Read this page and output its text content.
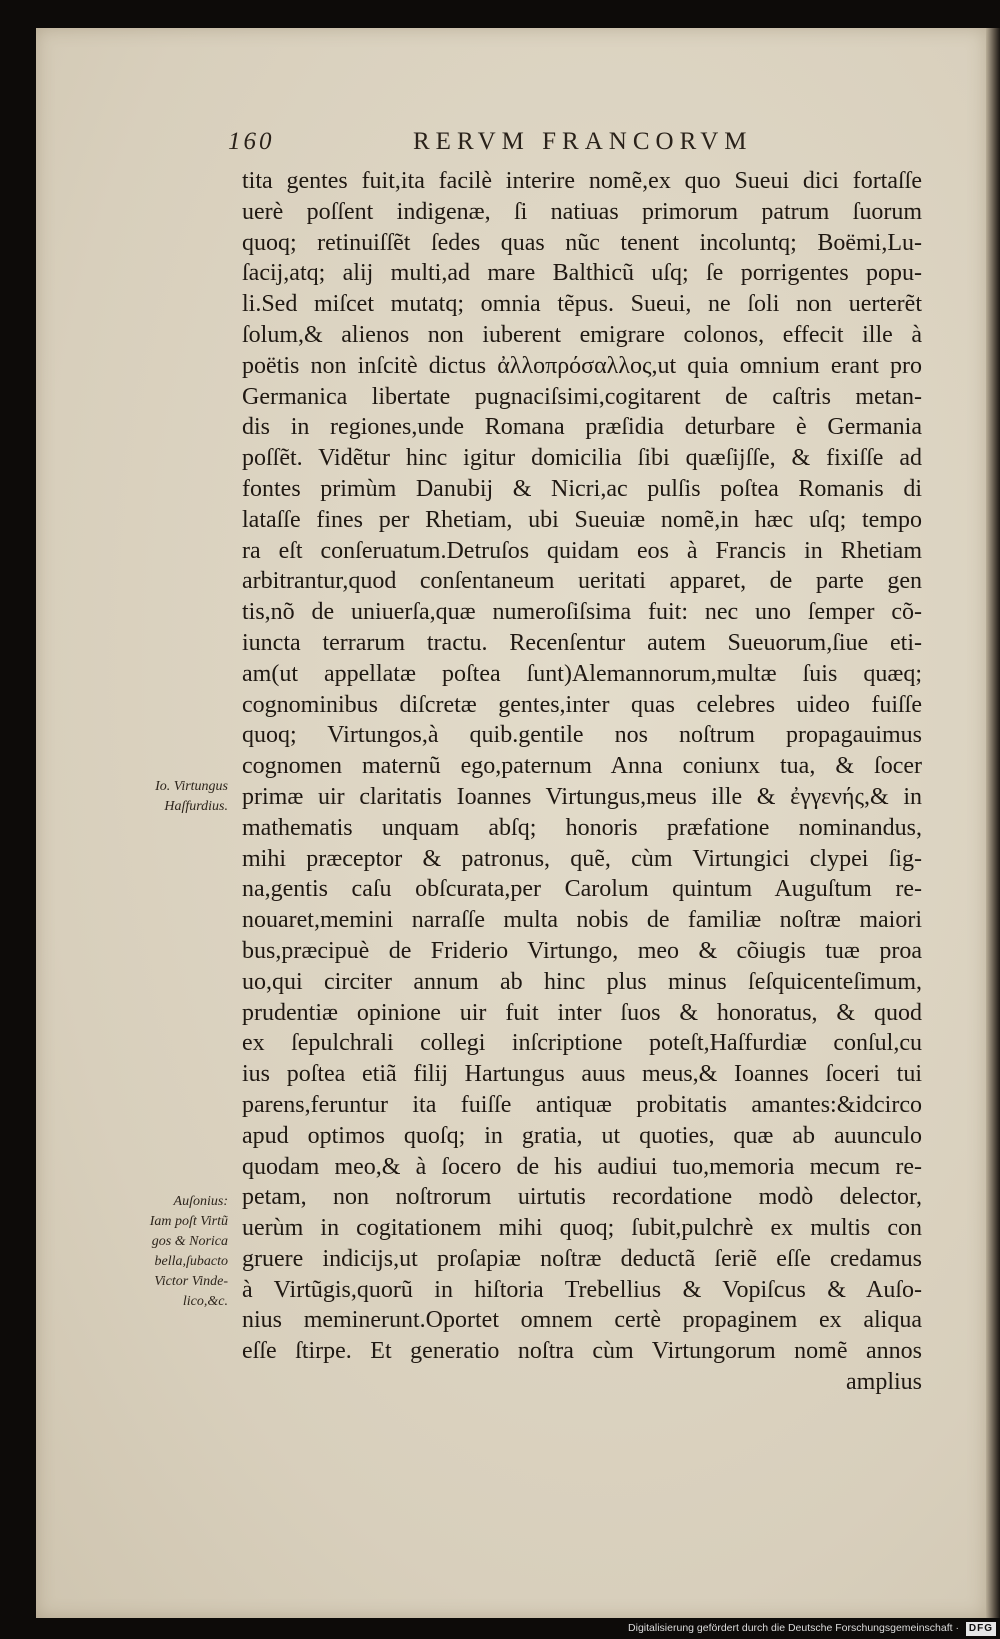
160	RERVM FRANCORVM
tita gentes fuit,ita facilè interire nomẽ,ex quo Sueui dici fortaſſe
uerè poſſent indigenæ, ſi natiuas primorum patrum ſuorum
quoq; retinuiſſẽt ſedes quas nũc tenent incoluntq; Boëmi,Lu-
ſacij,atq; alij multi,ad mare Balthicũ uſq; ſe porrigentes popu-
li.Sed miſcet mutatq; omnia tẽpus. Sueui, ne ſoli non uerterẽt
ſolum,& alienos non iuberent emigrare colonos, effecit ille à
poëtis non inſcitè dictus ἀλλοπρόσαλλος,ut quia omnium erant pro
Germanica libertate pugnaciſsimi,cogitarent de caſtris metan-
dis in regiones,unde Romana præſidia deturbare è Germania
poſſẽt. Vidẽtur hinc igitur domicilia ſibi quæſijſſe, & fixiſſe ad
fontes primùm Danubij & Nicri,ac pulſis poſtea Romanis di
lataſſe fines per Rhetiam, ubi Sueuiæ nomẽ,in hæc uſq; tempo
ra eſt conſeruatum.Detruſos quidam eos à Francis in Rhetiam
arbitrantur,quod conſentaneum ueritati apparet, de parte gen
tis,nõ de uniuerſa,quæ numeroſiſsima fuit: nec uno ſemper cõ-
iuncta terrarum tractu. Recenſentur autem Sueuorum,ſiue eti-
am(ut appellatæ poſtea ſunt)Alemannorum,multæ ſuis quæq;
cognominibus diſcretæ gentes,inter quas celebres uideo fuiſſe
quoq; Virtungos,à quib.gentile nos noſtrum propagauimus
cognomen maternũ ego,paternum Anna coniunx tua, & ſocer
primæ uir claritatis Ioannes Virtungus,meus ille & ἐγγενής,& in
mathematis unquam abſq; honoris præfatione nominandus,
mihi præceptor & patronus, quẽ, cùm Virtungici clypei ſig-
na,gentis caſu obſcurata,per Carolum quintum Auguſtum re-
nouaret,memini narraſſe multa nobis de familiæ noſtræ maiori
bus,præcipuè de Friderio Virtungo, meo & cõiugis tuæ proa
uo,qui circiter annum ab hinc plus minus ſeſquicenteſimum,
prudentiæ opinione uir fuit inter ſuos & honoratus, & quod
ex ſepulchrali collegi inſcriptione poteſt,Haſfurdiæ conſul,cu
ius poſtea etiã filij Hartungus auus meus,& Ioannes ſoceri tui
parens,feruntur ita fuiſſe antiquæ probitatis amantes:&idcirco
apud optimos quoſq; in gratia, ut quoties, quæ ab auunculo
quodam meo,& à ſocero de his audiui tuo,memoria mecum re-
petam, non noſtrorum uirtutis recordatione modò delector,
uerùm in cogitationem mihi quoq; ſubit,pulchrè ex multis con
gruere indicijs,ut proſapiæ noſtræ deductã ſeriẽ eſſe credamus
à Virtũgis,quorũ in hiſtoria Trebellius & Vopiſcus & Auſo-
nius meminerunt.Oportet omnem certè propaginem ex aliqua
eſſe ſtirpe. Et generatio noſtra cùm Virtungorum nomẽ annos
amplius
Io. Virtungus
Haſfurdius.
Auſonius:
Iam poſt Virtũ
gos & Norica
bella,ſubacto
Victor Vinde-
lico,&c.
Digitalisierung gefördert durch die Deutsche Forschungsgemeinschaft · DFG
